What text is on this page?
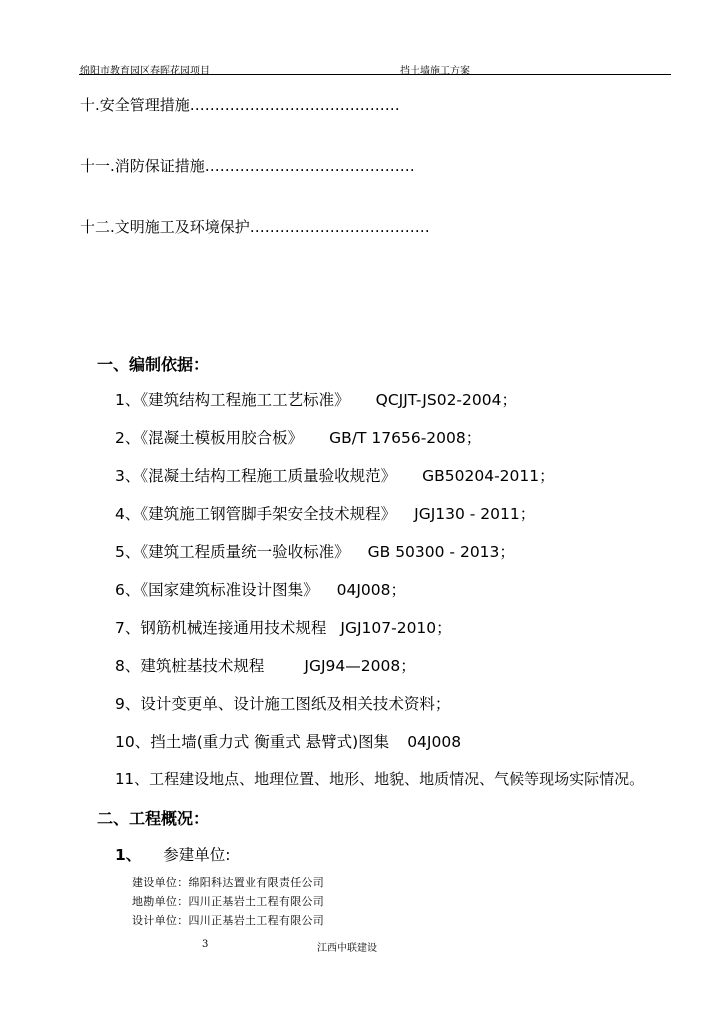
绵阳市教育园区春晖花园项目	挡土墙施工方案
十.安全管理措施……………………………………
十一.消防保证措施……………………………………
十二.文明施工及环境保护………………………………
一、编制依据：
1、《建筑结构工程施工工艺标准》 QCJJT-JS02-2004；
2、《混凝土模板用胶合板》 GB/T 17656-2008；
3、《混凝土结构工程施工质量验收规范》 GB50204-2011；
4、《建筑施工钢管脚手架安全技术规程》 JGJ130 - 2011；
5、《建筑工程质量统一验收标准》 GB 50300 - 2013；
6、《国家建筑标准设计图集》 04J008；
7、钢筋机械连接通用技术规程 JGJ107-2010；
8、建筑桩基技术规程	JGJ94—2008；
9、设计变更单、设计施工图纸及相关技术资料；
10、挡土墙(重力式 衡重式 悬臂式)图集 04J008
11、工程建设地点、地理位置、地形、地貌、地质情况、气候等现场实际情况。
二、工程概况：
1、 参建单位:
建设单位：绵阳科达置业有限责任公司
地勘单位：四川正基岩土工程有限公司
设计单位：四川正基岩土工程有限公司
3	江西中联建设
